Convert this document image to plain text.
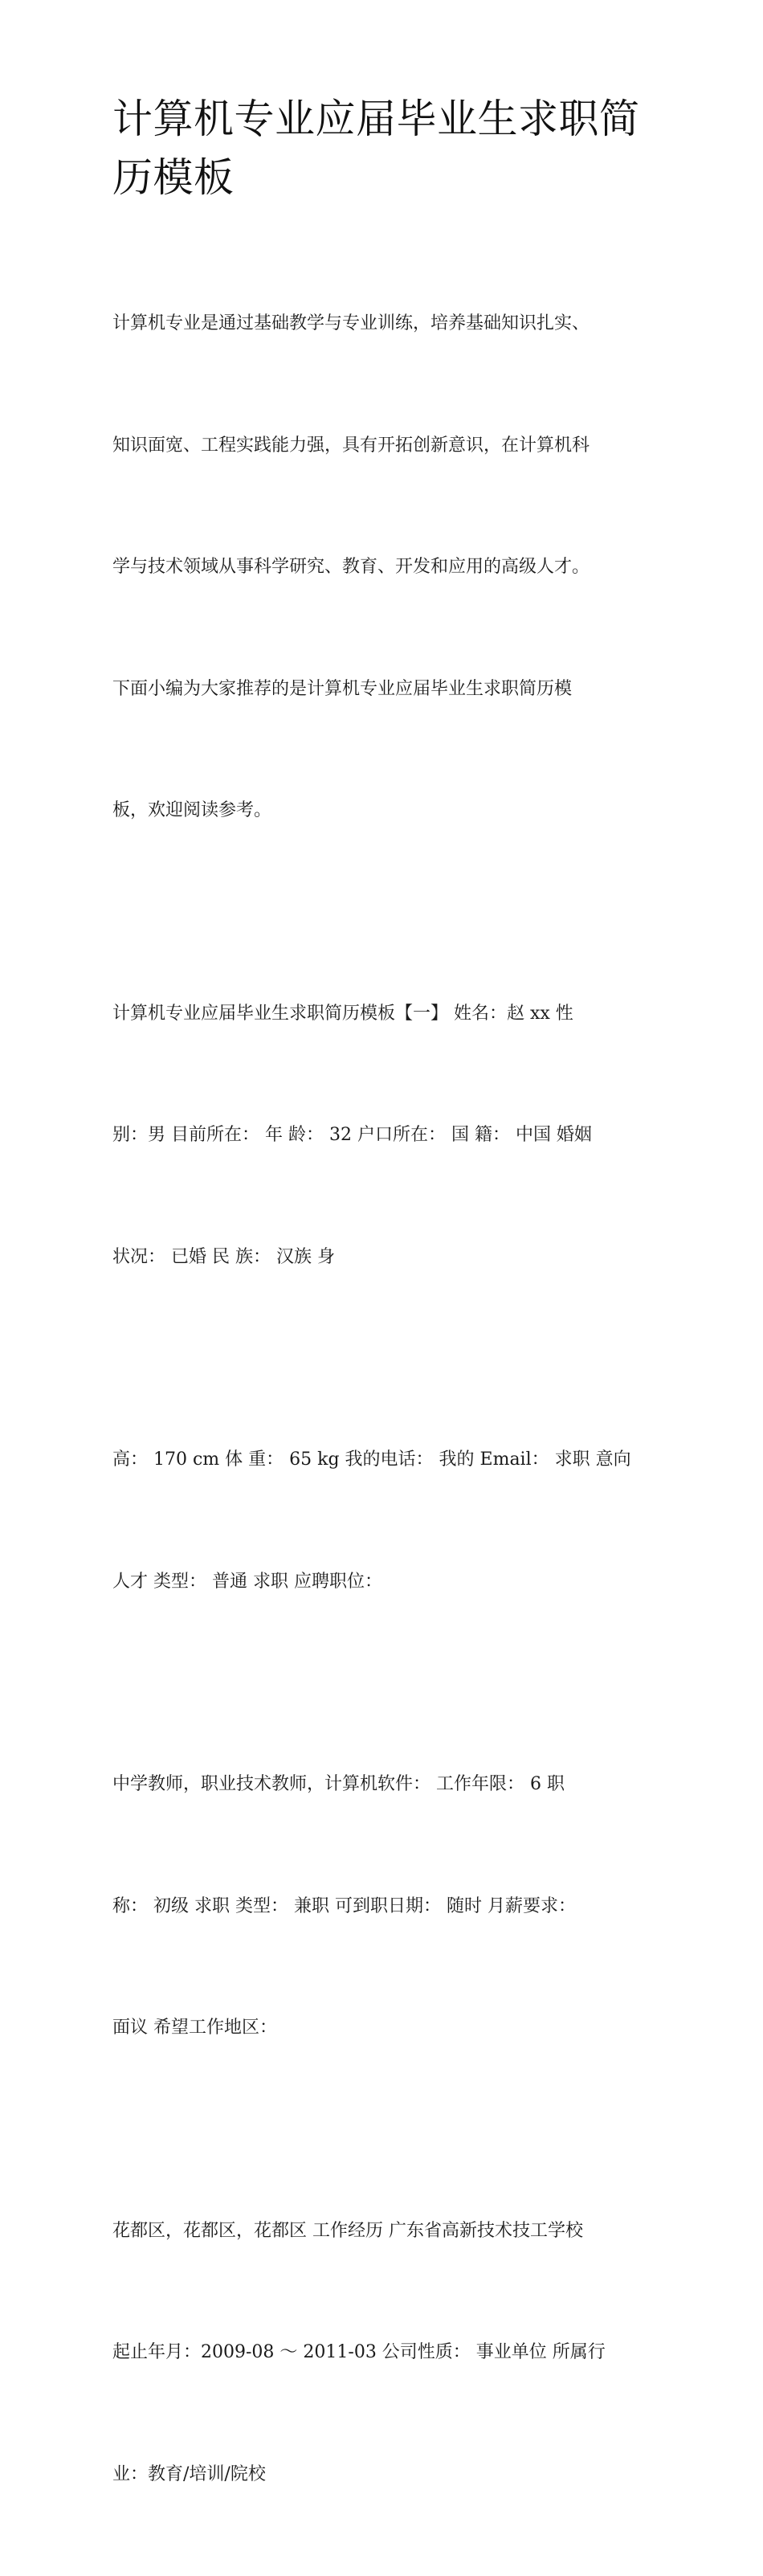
计算机专业应届毕业生求职简
历模板

计算机专业是通过基础教学与专业训练，培养基础知识扎实、

知识面宽、工程实践能力强，具有开拓创新意识，在计算机科

学与技术领域从事科学研究、教育、开发和应用的高级人才。

下面小编为大家推荐的是计算机专业应届毕业生求职简历模

板，欢迎阅读参考。

计算机专业应届毕业生求职简历模板【一】 姓名：赵 xx 性

别：男 目前所在： 年 龄： 32 户口所在： 国 籍： 中国 婚姻

状况： 已婚 民 族： 汉族 身

高： 170 cm 体 重： 65 kg 我的电话： 我的 Email： 求职 意向

人才 类型： 普通 求职 应聘职位：

中学教师，职业技术教师，计算机软件： 工作年限： 6 职

称： 初级 求职 类型： 兼职 可到职日期： 随时 月薪要求：

面议 希望工作地区：

花都区，花都区，花都区 工作经历 广东省高新技术技工学校

起止年月：2009-08 ～ 2011-03 公司性质： 事业单位 所属行

业：教育/培训/院校
